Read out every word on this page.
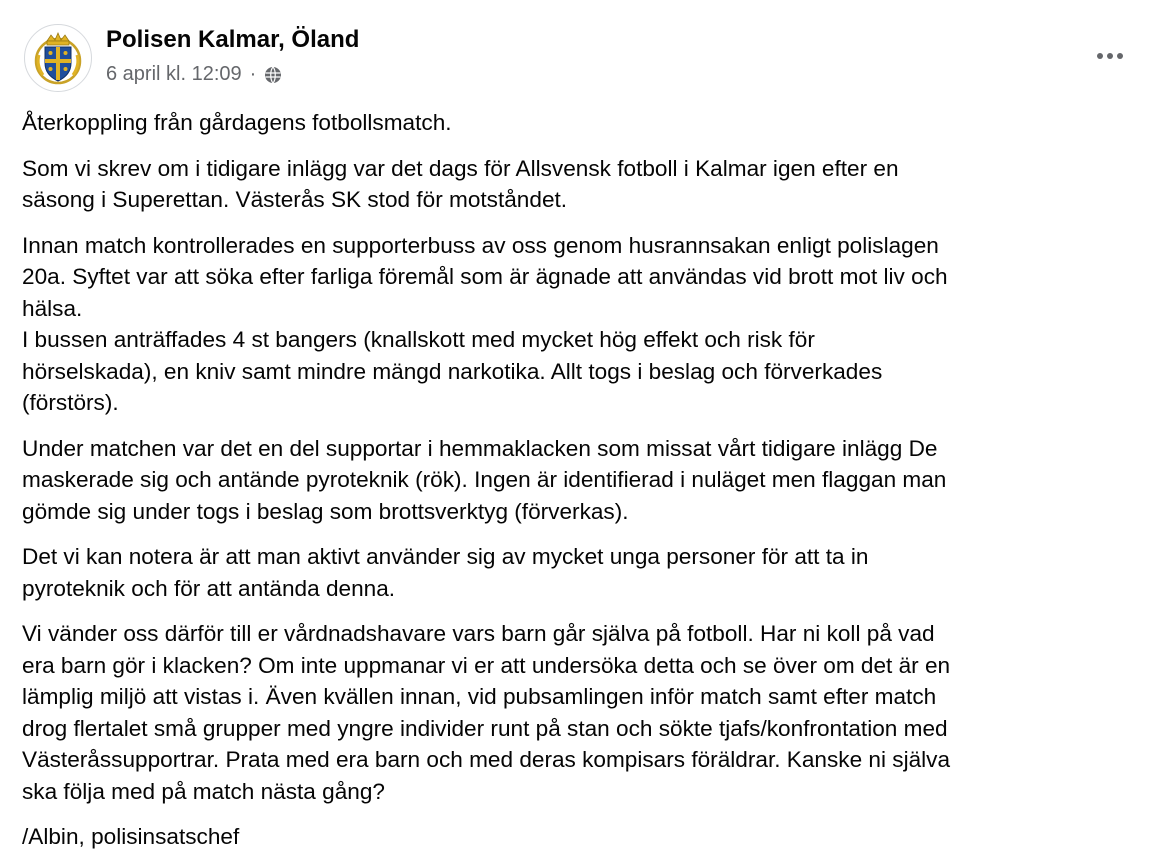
Polisen Kalmar, Öland
6 april kl. 12:09 ·

Återkoppling från gårdagens fotbollsmatch.

Som vi skrev om i tidigare inlägg var det dags för Allsvensk fotboll i Kalmar igen efter en
säsong i Superettan. Västerås SK stod för motståndet.

Innan match kontrollerades en supporterbuss av oss genom husrannsakan enligt polislagen
20a. Syftet var att söka efter farliga föremål som är ägnade att användas vid brott mot liv och
hälsa.
I bussen anträffades 4 st bangers (knallskott med mycket hög effekt och risk för
hörselskada), en kniv samt mindre mängd narkotika. Allt togs i beslag och förverkades
(förstörs).

Under matchen var det en del supportar i hemmaklacken som missat vårt tidigare inlägg De
maskerade sig och antände pyroteknik (rök). Ingen är identifierad i nuläget men flaggan man
gömde sig under togs i beslag som brottsverktyg (förverkas).

Det vi kan notera är att man aktivt använder sig av mycket unga personer för att ta in
pyroteknik och för att antända denna.

Vi vänder oss därför till er vårdnadshavare vars barn går själva på fotboll. Har ni koll på vad
era barn gör i klacken? Om inte uppmanar vi er att undersöka detta och se över om det är en
lämplig miljö att vistas i. Även kvällen innan, vid pubsamlingen inför match samt efter match
drog flertalet små grupper med yngre individer runt på stan och sökte tjafs/konfrontation med
Västeråssupportrar. Prata med era barn och med deras kompisars föräldrar. Kanske ni själva
ska följa med på match nästa gång?

/Albin, polisinsatschef
